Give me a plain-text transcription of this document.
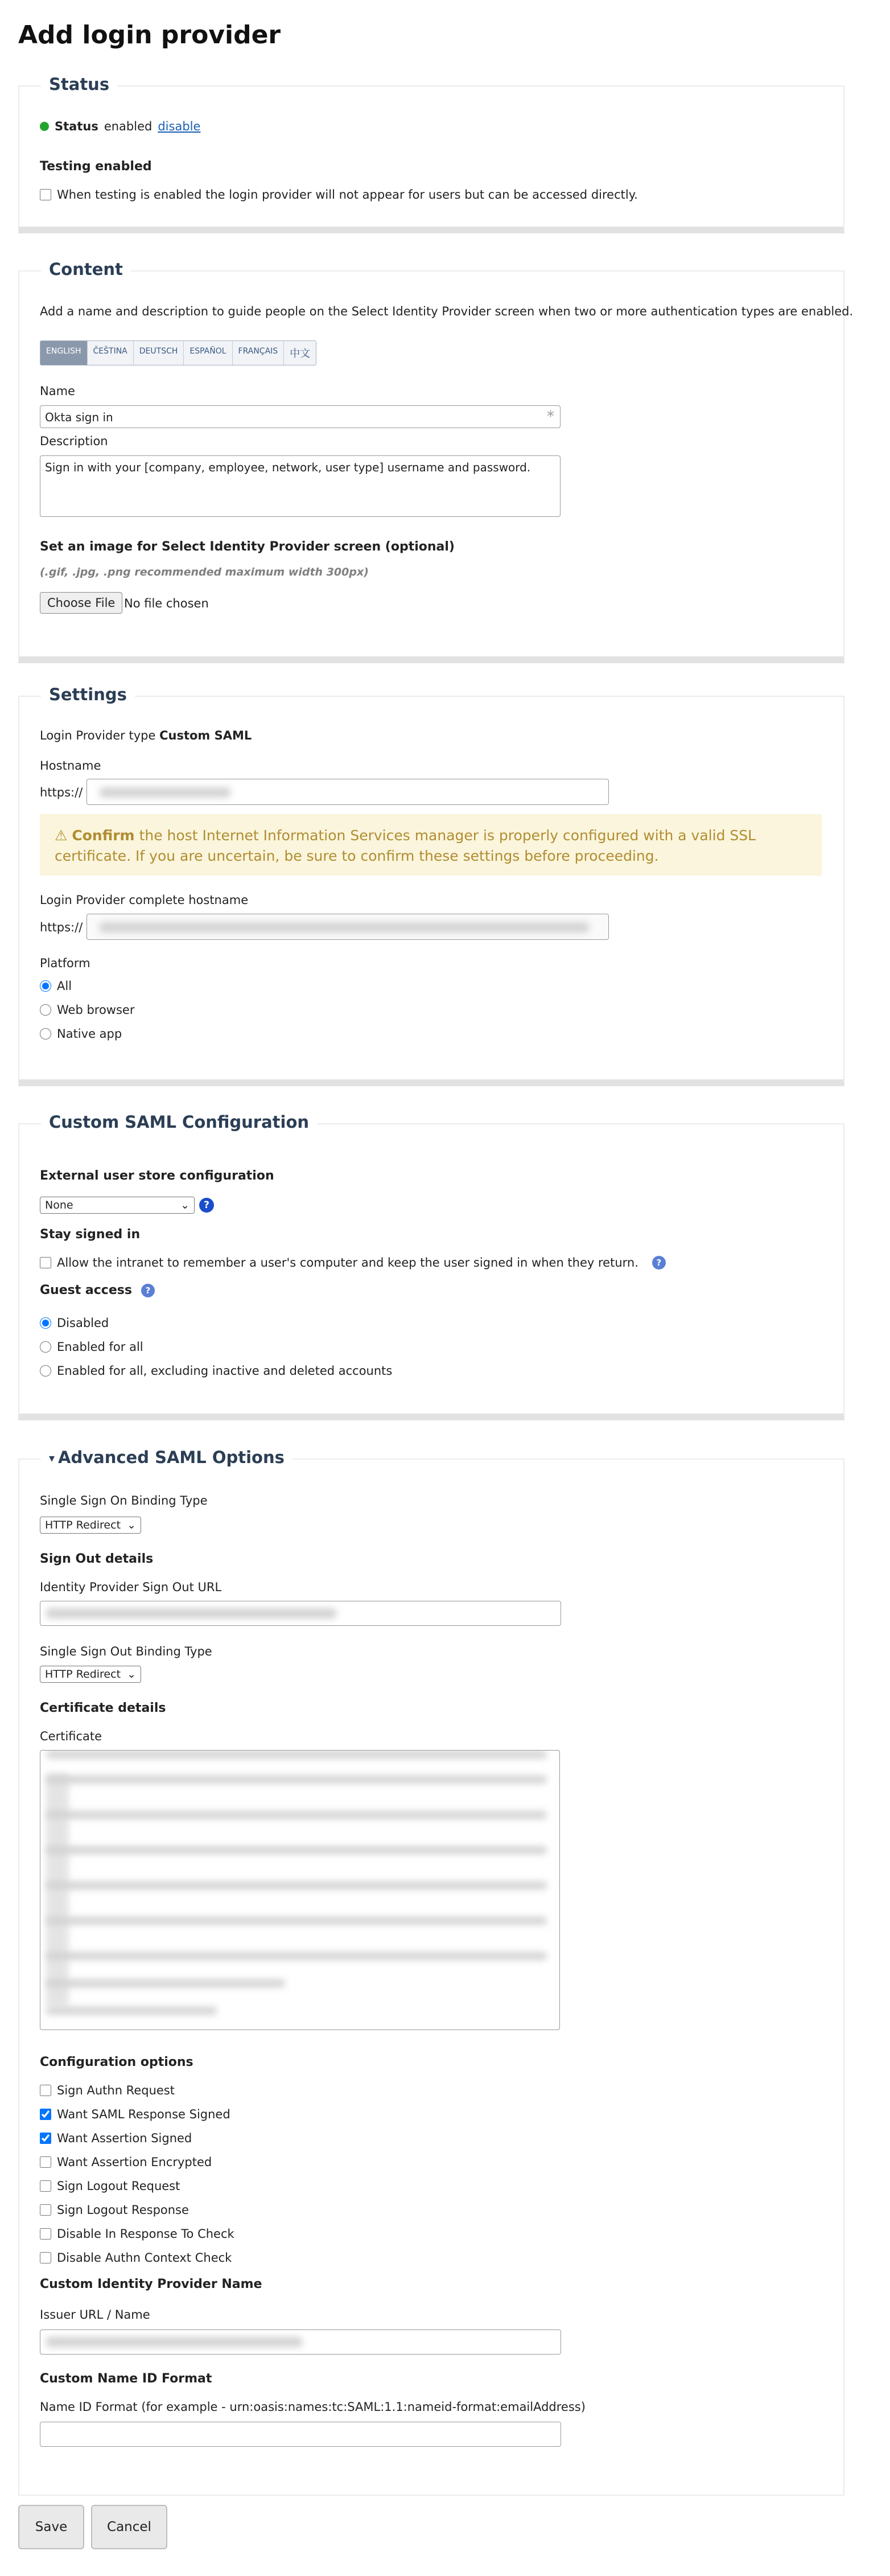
Add login provider
Status
Status enabled disable
Testing enabled
When testing is enabled the login provider will not appear for users but can be accessed directly.
Content
Add a name and description to guide people on the Select Identity Provider screen when two or more authentication types are enabled.
ENGLISH	ČEŠTINA	DEUTSCH	ESPAÑOL	FRANÇAIS	中文
Name
Okta sign in	*
Description
Sign in with your [company, employee, network, user type] username and password.
Set an image for Select Identity Provider screen (optional)
(.gif, .jpg, .png recommended maximum width 300px)
Choose File No file chosen
Settings
Login Provider type Custom SAML
Hostname
https://
⚠ Confirm the host Internet Information Services manager is properly configured with a valid SSL certificate. If you are uncertain, be sure to confirm these settings before proceeding.
Login Provider complete hostname
https://
Platform
All
Web browser
Native app
Custom SAML Configuration
External user store configuration
None	⌄	?
Stay signed in
Allow the intranet to remember a user's computer and keep the user signed in when they return.	?
Guest access	?
Disabled
Enabled for all
Enabled for all, excluding inactive and deleted accounts
▾ Advanced SAML Options
Single Sign On Binding Type
HTTP Redirect ⌄
Sign Out details
Identity Provider Sign Out URL
Single Sign Out Binding Type
HTTP Redirect ⌄
Certificate details
Certificate
Configuration options
Sign Authn Request
Want SAML Response Signed
Want Assertion Signed
Want Assertion Encrypted
Sign Logout Request
Sign Logout Response
Disable In Response To Check
Disable Authn Context Check
Custom Identity Provider Name
Issuer URL / Name
Custom Name ID Format
Name ID Format (for example - urn:oasis:names:tc:SAML:1.1:nameid-format:emailAddress)
Save	Cancel
